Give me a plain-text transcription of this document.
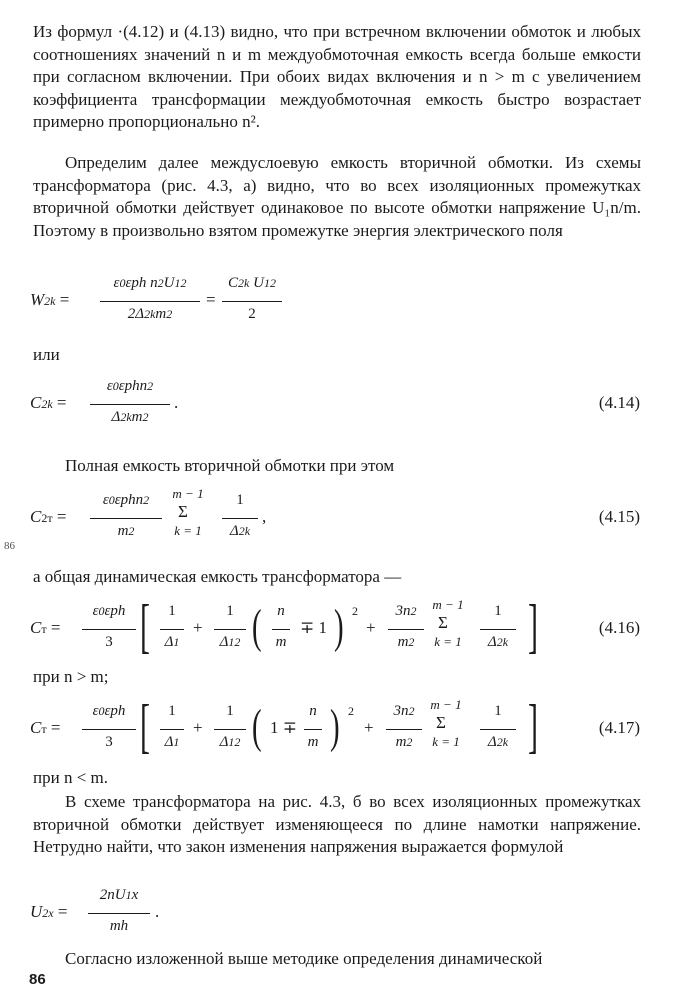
Из формул ·(4.12) и (4.13) видно, что при встречном включении обмоток и любых соотношениях значений n и m междуобмоточная емкость всегда больше емкости при согласном включении. При обоих видах включения и n > m с увеличением коэффициента трансформации междуобмоточная емкость быстро возрастает примерно пропорционально n².

Определим далее междуслоевую емкость вторичной обмотки. Из схемы трансформатора (рис. 4.3, а) видно, что во всех изоляционных промежутках вторичной обмотки действует одинаковое по высоте обмотки напряжение U₁n/m. Поэтому в произвольно взятом промежутке энергия электрического поля

W2k =
ε0εph n2U12
2Δ2km2
=
C2k U12
2
или
C2k =
ε0εphn2
Δ2km2
.	(4.14)

Полная емкость вторичной обмотки при этом

C2т =
ε0εphn2
m2
m − 1
Σ
k = 1
1
Δ2k
,	(4.15)

а общая динамическая емкость трансформатора —

Cт =
ε0εph
3 [	1
Δ1
+
1
Δ12 (	n
m
∓ 1 ) 2
+
3n2
m2
m − 1
Σ
k = 1
1
Δ2k ]	(4.16)
при n > m;
Cт =
ε0εph
3 [	1
Δ1
+
1
Δ12 ( 1 ∓
n
m ) 2
+
3n2
m2
m − 1
Σ
k = 1
1
Δ2k ]	(4.17)
при n < m.

В схеме трансформатора на рис. 4.3, б во всех изоляционных промежутках вторичной обмотки действует изменяющееся по длине намотки напряжение. Нетрудно найти, что закон изменения напряжения выражается формулой

U2x =
2nU1x
mh
.

Согласно изложенной выше методике определения динамической

86
86
